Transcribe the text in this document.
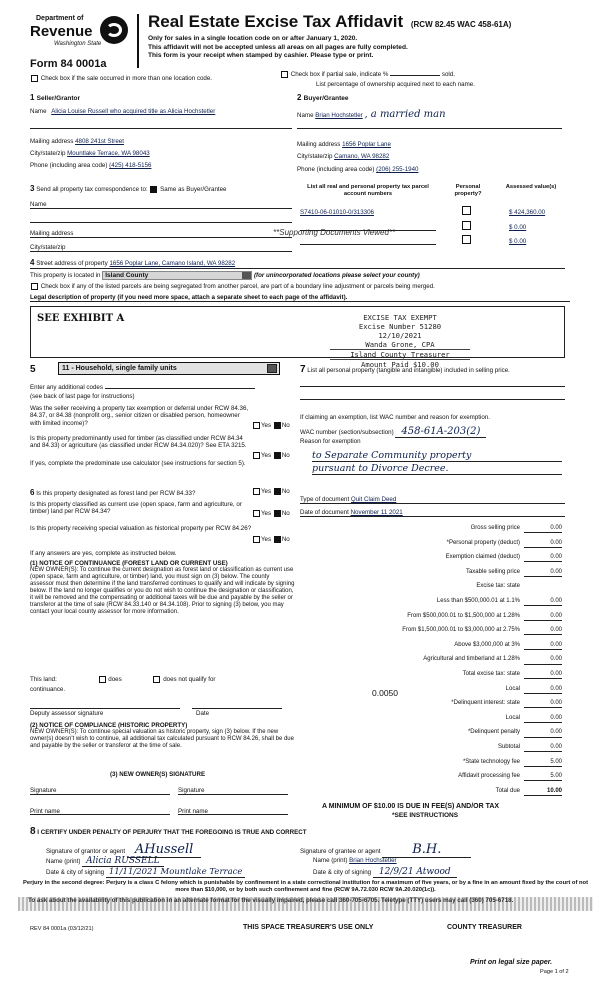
Department of
Revenue
Washington State
Form 84 0001a
Real Estate Excise Tax Affidavit (RCW 82.45 WAC 458-61A)
Only for sales in a single location code on or after January 1, 2020.
This affidavit will not be accepted unless all areas on all pages are fully completed.
This form is your receipt when stamped by cashier. Please type or print.
Check box if the sale occurred in more than one location code.
Check box if partial sale, indicate %	sold.
List percentage of ownership acquired next to each name.
1 Seller/Grantor
Name Alicia Louise Russell who acquired title as Alicia Hochstetler
Mailing address 4808 241st Street
City/state/zip Mountlake Terrace, WA 98043
Phone (including area code) (425) 418-5156
2 Buyer/Grantee
Name Brian Hochstetler , a married man
Mailing address 1656 Poplar Lane
City/state/zip Camano, WA 98282
Phone (including area code) (206) 255-1940
3 Send all property tax correspondence to: Same as Buyer/Grantee
Name
Mailing address
City/state/zip
**Supporting Documents Viewed**
List all real and personal property tax parcel account numbers
Personal property?
Assessed value(s)
S7410-06-01010-0/313306	$ 424,360.00
$ 0.00
$ 0.00
4 Street address of property 1656 Poplar Lane, Camano Island, WA 98282
This property is located in Island County	(for unincorporated locations please select your county)
Check box if any of the listed parcels are being segregated from another parcel, are part of a boundary line adjustment or parcels being merged.
Legal description of property (if you need more space, attach a separate sheet to each page of the affidavit).
SEE EXHIBIT A	EXCISE TAX EXEMPT
Excise Number 51280
12/10/2021
Wanda Grone, CPA
Island County Treasurer
Amount Paid $10.00
5	11 - Household, single family units
Enter any additional codes
(see back of last page for instructions)
Was the seller receiving a property tax exemption or deferral under RCW 84.36, 84.37, or 84.38 (nonprofit org., senior citizen or disabled person, homeowner with limited income)?	Yes No
Is this property predominantly used for timber (as classified under RCW 84.34 and 84.33) or agriculture (as classified under RCW 84.34.020)? See ETA 3215.
Yes No
If yes, complete the predominate use calculator (see instructions for section 5).
6 Is this property designated as forest land per RCW 84.33?	Yes No
Is this property classified as current use (open space, farm and agriculture, or timber) land per RCW 84.34?	Yes No
Is this property receiving special valuation as historical property per RCW 84.26?
Yes No
If any answers are yes, complete as instructed below.
(1) NOTICE OF CONTINUANCE (FOREST LAND OR CURRENT USE)
NEW OWNER(S): To continue the current designation as forest land or classification as current use (open space, farm and agriculture, or timber) land, you must sign on (3) below. The county assessor must then determine if the land transferred continues to qualify and will indicate by signing below. If the land no longer qualifies or you do not wish to continue the designation or classification, it will be removed and the compensating or additional taxes will be due and payable by the seller or transferor at the time of sale (RCW 84.33.140 or 84.34.108). Prior to signing (3) below, you may contact your local county assessor for more information.
This land:	does	does not qualify for
continuance.
Deputy assessor signature	Date
(2) NOTICE OF COMPLIANCE (HISTORIC PROPERTY)
NEW OWNER(S): To continue special valuation as historic property, sign (3) below. If the new owner(s) doesn't wish to continue, all additional tax calculated pursuant to RCW 84.26, shall be due and payable by the seller or transferor at the time of sale.
(3) NEW OWNER(S) SIGNATURE
Signature	Signature
Print name	Print name
7 List all personal property (tangible and intangible) included in selling price.
If claiming an exemption, list WAC number and reason for exemption.
WAC number (section/subsection) 458-61A-203(2)
Reason for exemption
to Separate Community property
pursuant to Divorce Decree.
Type of document Quit Claim Deed
Date of document November 11 2021
Gross selling price	0.00
*Personal property (deduct)	0.00
Exemption claimed (deduct)	0.00
Taxable selling price	0.00
Excise tax: state
Less than $500,000.01 at 1.1%	0.00
From $500,000.01 to $1,500,000 at 1.28%	0.00
From $1,500,000.01 to $3,000,000 at 2.75%	0.00
Above $3,000,000 at 3%	0.00
Agricultural and timberland at 1.28%	0.00
Total excise tax: state	0.00
Local	0.00
*Delinquent interest: state	0.00
Local	0.00
*Delinquent penalty	0.00
Subtotal	0.00
*State technology fee	5.00
Affidavit processing fee	5.00
Total due	10.00
0.0050
A MINIMUM OF $10.00 IS DUE IN FEE(S) AND/OR TAX
*SEE INSTRUCTIONS
8 I CERTIFY UNDER PENALTY OF PERJURY THAT THE FOREGOING IS TRUE AND CORRECT
Signature of grantor or agent AHussell
Name (print) Alicia RUSSELL
Date & city of signing 11/11/2021 Mountlake Terrace
Signature of grantee or agent B.H.
Name (print) Brian Hochstetler
Date & city of signing 12/9/21 Atwood
Perjury in the second degree: Perjury is a class C felony which is punishable by confinement in a state correctional institution for a maximum of five years, or by a fine in an amount fixed by the court of not more than $10,000, or by both such confinement and fine (RCW 9A.72.030 RCW 9A.20.020(1c)).
To ask about the availability of this publication in an alternate format for the visually impaired, please call 360-705-6705. Teletype (TTY) users may call (360) 705-6718.
REV 84 0001a (03/12/21)	THIS SPACE TREASURER'S USE ONLY	COUNTY TREASURER
Print on legal size paper.
Page 1 of 2
